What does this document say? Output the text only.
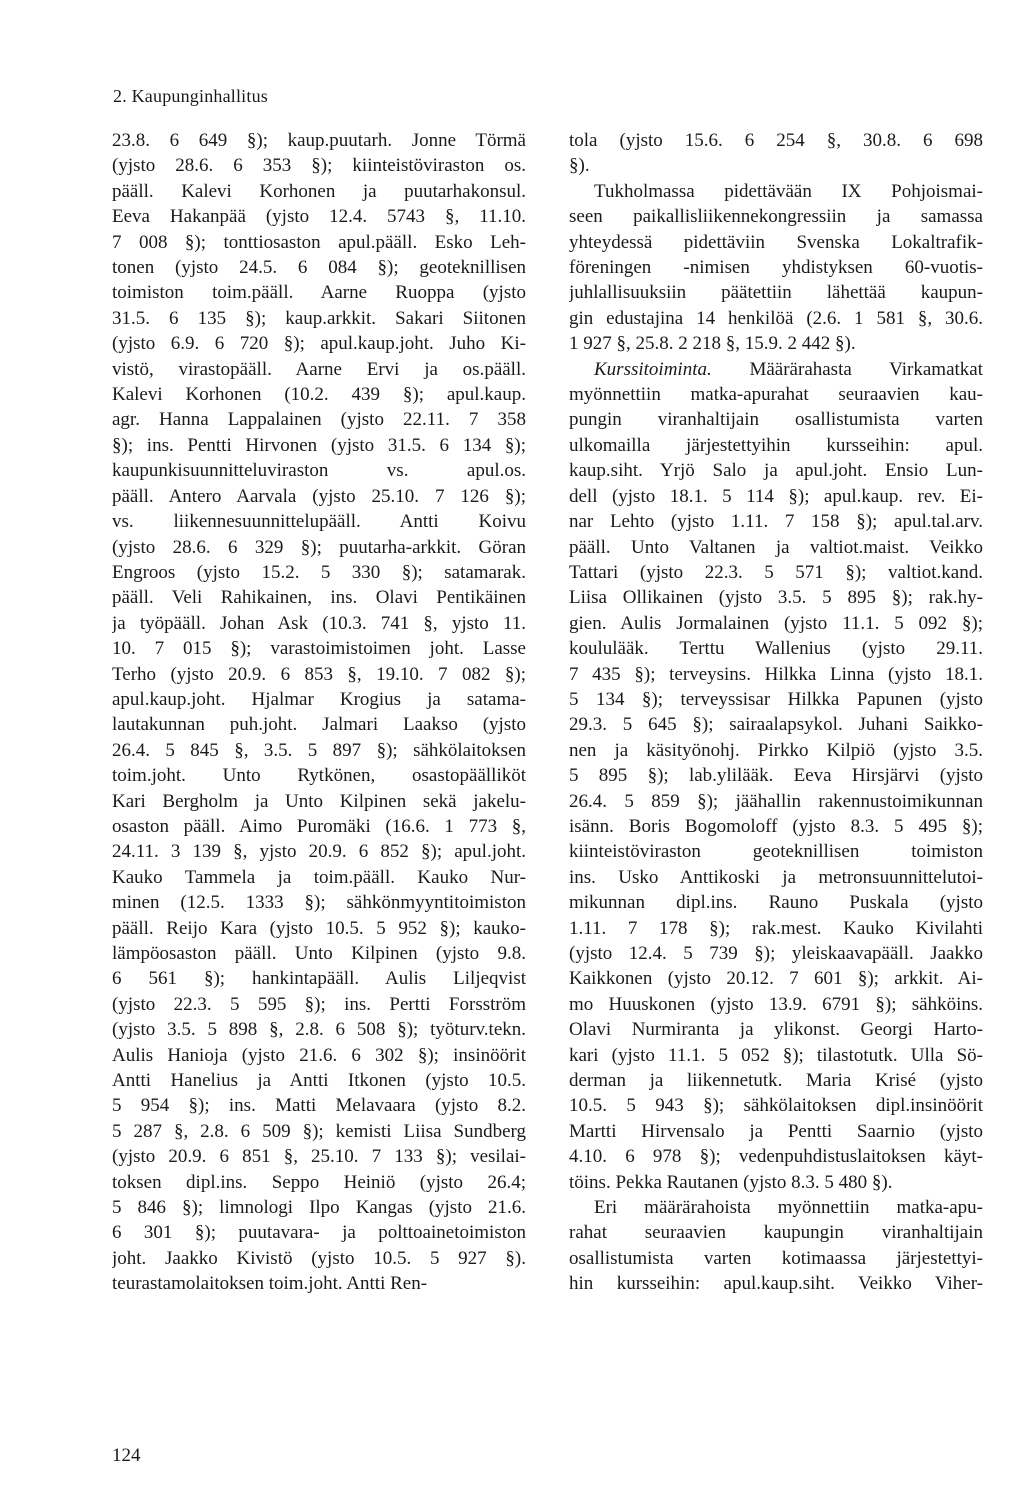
2. Kaupunginhallitus
23.8. 6 649 §); kaup.puutarh. Jonne Törmä
(yjsto 28.6. 6 353 §); kiinteistöviraston os.
pääll. Kalevi Korhonen ja puutarhakonsul.
Eeva Hakanpää (yjsto 12.4. 5743 §, 11.10.
7 008 §); tonttiosaston apul.pääll. Esko Leh-
tonen (yjsto 24.5. 6 084 §); geoteknillisen
toimiston toim.pääll. Aarne Ruoppa (yjsto
31.5. 6 135 §); kaup.arkkit. Sakari Siitonen
(yjsto 6.9. 6 720 §); apul.kaup.joht. Juho Ki-
vistö, virastopääll. Aarne Ervi ja os.pääll.
Kalevi Korhonen (10.2. 439 §); apul.kaup.
agr. Hanna Lappalainen (yjsto 22.11. 7 358
§); ins. Pentti Hirvonen (yjsto 31.5. 6 134 §);
kaupunkisuunnitteluviraston vs. apul.os.
pääll. Antero Aarvala (yjsto 25.10. 7 126 §);
vs. liikennesuunnittelupääll. Antti Koivu
(yjsto 28.6. 6 329 §); puutarha-arkkit. Göran
Engroos (yjsto 15.2. 5 330 §); satamarak.
pääll. Veli Rahikainen, ins. Olavi Pentikäinen
ja työpääll. Johan Ask (10.3. 741 §, yjsto 11.
10. 7 015 §); varastoimistoimen joht. Lasse
Terho (yjsto 20.9. 6 853 §, 19.10. 7 082 §);
apul.kaup.joht. Hjalmar Krogius ja satama-
lautakunnan puh.joht. Jalmari Laakso (yjsto
26.4. 5 845 §, 3.5. 5 897 §); sähkölaitoksen
toim.joht. Unto Rytkönen, osastopäälliköt
Kari Bergholm ja Unto Kilpinen sekä jakelu-
osaston pääll. Aimo Puromäki (16.6. 1 773 §,
24.11. 3 139 §, yjsto 20.9. 6 852 §); apul.joht.
Kauko Tammela ja toim.pääll. Kauko Nur-
minen (12.5. 1333 §); sähkönmyyntitoimiston
pääll. Reijo Kara (yjsto 10.5. 5 952 §); kauko-
lämpöosaston pääll. Unto Kilpinen (yjsto 9.8.
6 561 §); hankintapääll. Aulis Liljeqvist
(yjsto 22.3. 5 595 §); ins. Pertti Forsström
(yjsto 3.5. 5 898 §, 2.8. 6 508 §); työturv.tekn.
Aulis Hanioja (yjsto 21.6. 6 302 §); insinöörit
Antti Hanelius ja Antti Itkonen (yjsto 10.5.
5 954 §); ins. Matti Melavaara (yjsto 8.2.
5 287 §, 2.8. 6 509 §); kemisti Liisa Sundberg
(yjsto 20.9. 6 851 §, 25.10. 7 133 §); vesilai-
toksen dipl.ins. Seppo Heiniö (yjsto 26.4;
5 846 §); limnologi Ilpo Kangas (yjsto 21.6.
6 301 §); puutavara- ja polttoainetoimiston
joht. Jaakko Kivistö (yjsto 10.5. 5 927 §).
teurastamolaitoksen toim.joht. Antti Ren-
tola (yjsto 15.6. 6 254 §, 30.8. 6 698
§).
Tukholmassa pidettävään IX Pohjoismai-
seen paikallisliikennekongressiin ja samassa
yhteydessä pidettäviin Svenska Lokaltrafik-
föreningen -nimisen yhdistyksen 60-vuotis-
juhlallisuuksiin päätettiin lähettää kaupun-
gin edustajina 14 henkilöä (2.6. 1 581 §, 30.6.
1 927 §, 25.8. 2 218 §, 15.9. 2 442 §).
Kurssitoiminta. Määrärahasta Virkamatkat
myönnettiin matka-apurahat seuraavien kau-
pungin viranhaltijain osallistumista varten
ulkomailla järjestettyihin kursseihin: apul.
kaup.siht. Yrjö Salo ja apul.joht. Ensio Lun-
dell (yjsto 18.1. 5 114 §); apul.kaup. rev. Ei-
nar Lehto (yjsto 1.11. 7 158 §); apul.tal.arv.
pääll. Unto Valtanen ja valtiot.maist. Veikko
Tattari (yjsto 22.3. 5 571 §); valtiot.kand.
Liisa Ollikainen (yjsto 3.5. 5 895 §); rak.hy-
gien. Aulis Jormalainen (yjsto 11.1. 5 092 §);
koululääk. Terttu Wallenius (yjsto 29.11.
7 435 §); terveysins. Hilkka Linna (yjsto 18.1.
5 134 §); terveyssisar Hilkka Papunen (yjsto
29.3. 5 645 §); sairaalapsykol. Juhani Saikko-
nen ja käsityönohj. Pirkko Kilpiö (yjsto 3.5.
5 895 §); lab.ylilääk. Eeva Hirsjärvi (yjsto
26.4. 5 859 §); jäähallin rakennustoimikunnan
isänn. Boris Bogomoloff (yjsto 8.3. 5 495 §);
kiinteistöviraston geoteknillisen toimiston
ins. Usko Anttikoski ja metronsuunnittelutoi-
mikunnan dipl.ins. Rauno Puskala (yjsto
1.11. 7 178 §); rak.mest. Kauko Kivilahti
(yjsto 12.4. 5 739 §); yleiskaavapääll. Jaakko
Kaikkonen (yjsto 20.12. 7 601 §); arkkit. Ai-
mo Huuskonen (yjsto 13.9. 6791 §); sähköins.
Olavi Nurmiranta ja ylikonst. Georgi Harto-
kari (yjsto 11.1. 5 052 §); tilastotutk. Ulla Sö-
derman ja liikennetutk. Maria Krisé (yjsto
10.5. 5 943 §); sähkölaitoksen dipl.insinöörit
Martti Hirvensalo ja Pentti Saarnio (yjsto
4.10. 6 978 §); vedenpuhdistuslaitoksen käyt-
töins. Pekka Rautanen (yjsto 8.3. 5 480 §).
Eri määrärahoista myönnettiin matka-apu-
rahat seuraavien kaupungin viranhaltijain
osallistumista varten kotimaassa järjestettyi-
hin kursseihin: apul.kaup.siht. Veikko Viher-
124
